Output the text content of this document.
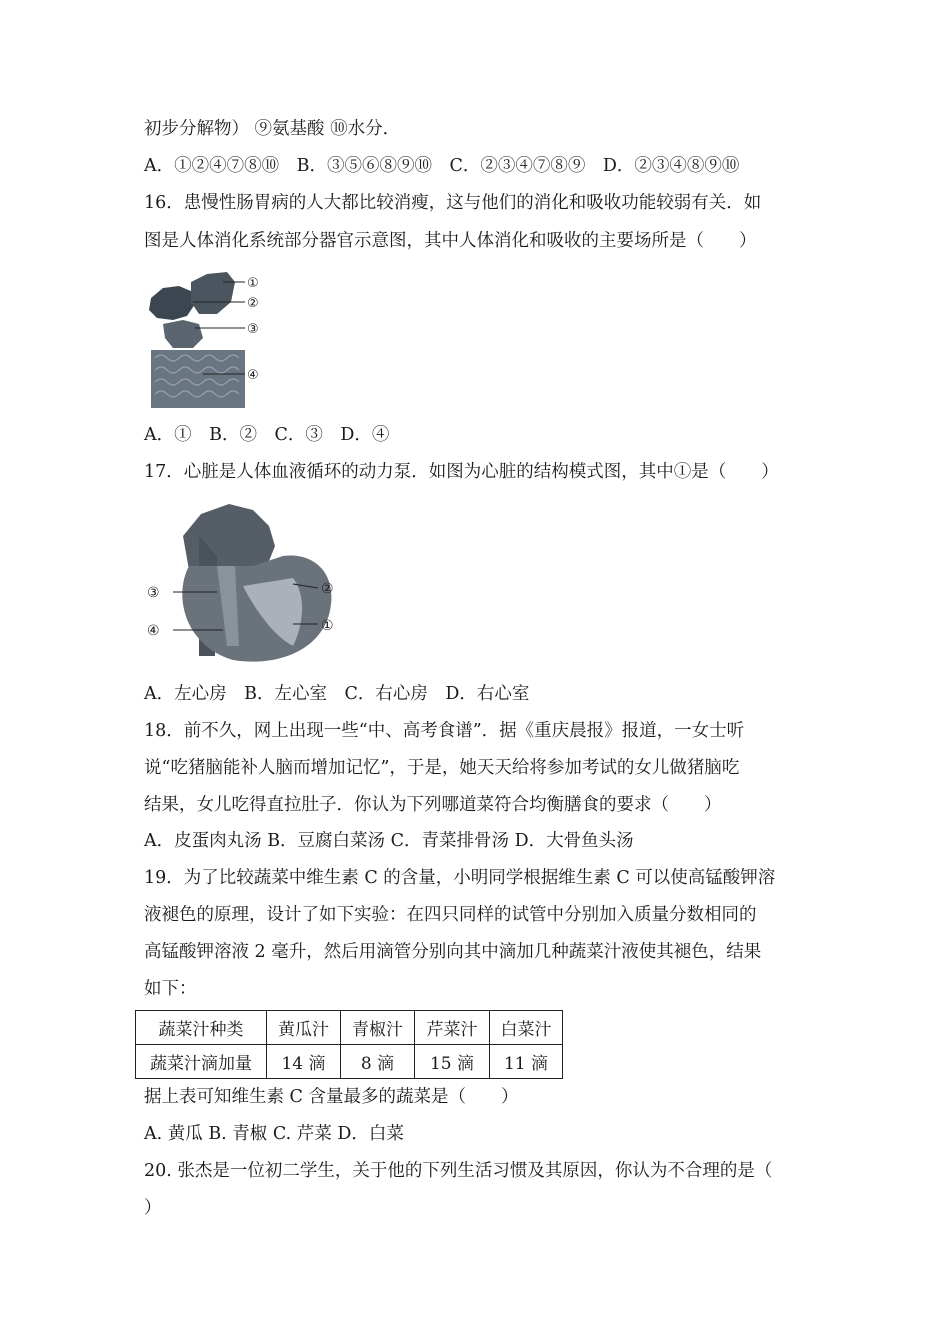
初步分解物） ⑨氨基酸 ⑩水分．
A．①②④⑦⑧⑩　B．③⑤⑥⑧⑨⑩　C．②③④⑦⑧⑨　D．②③④⑧⑨⑩
16．患慢性肠胃病的人大都比较消瘦，这与他们的消化和吸收功能较弱有关．如
图是人体消化系统部分器官示意图，其中人体消化和吸收的主要场所是（　　）
①
②
③
④
A．①　B．②　C．③　D．④
17．心脏是人体血液循环的动力泵．如图为心脏的结构模式图，其中①是（　　）
①
②
③
④
A．左心房　B．左心室　C．右心房　D．右心室
18．前不久，网上出现一些“中、高考食谱”．据《重庆晨报》报道，一女士听
说“吃猪脑能补人脑而增加记忆”，于是，她天天给将参加考试的女儿做猪脑吃
结果，女儿吃得直拉肚子．你认为下列哪道菜符合均衡膳食的要求（　　）
A．皮蛋肉丸汤 B．豆腐白菜汤 C．青菜排骨汤 D．大骨鱼头汤
19．为了比较蔬菜中维生素 C 的含量，小明同学根据维生素 C 可以使高锰酸钾溶
液褪色的原理，设计了如下实验：在四只同样的试管中分别加入质量分数相同的
高锰酸钾溶液 2 毫升，然后用滴管分别向其中滴加几种蔬菜汁液使其褪色，结果
如下：
蔬菜汁种类	黄瓜汁	青椒汁	芹菜汁	白菜汁
蔬菜汁滴加量	14 滴	8 滴	15 滴	11 滴
据上表可知维生素 C 含量最多的蔬菜是（　　）
A. 黄瓜 B. 青椒 C. 芹菜 D．白菜
20. 张杰是一位初二学生，关于他的下列生活习惯及其原因，你认为不合理的是（
）
